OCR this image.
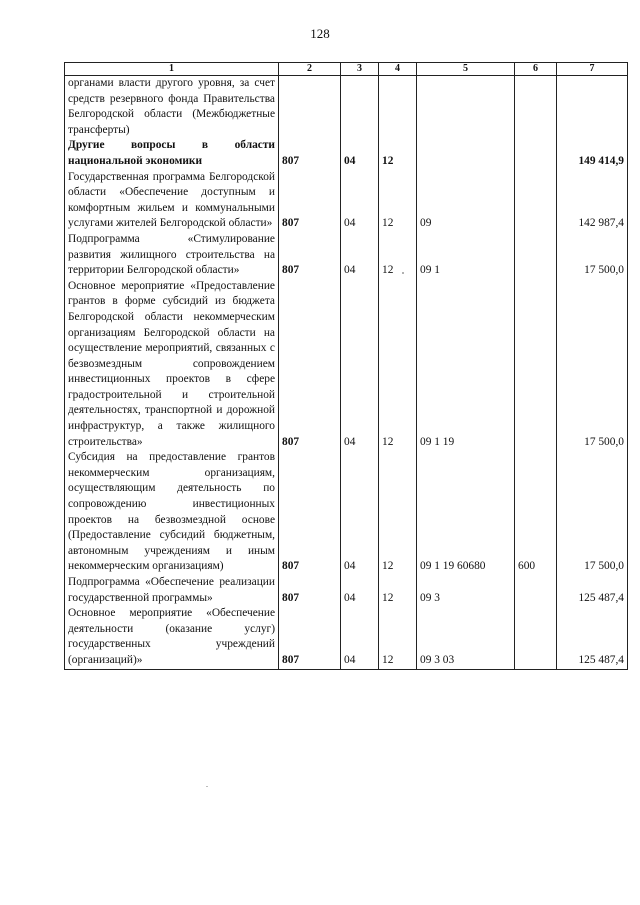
128
1	2	3	4	5	6	7
органами власти другого уровня, за счет средств резервного фонда Правительства Белгородской области (Межбюджетные трансферты)						
Другие вопросы в области национальной экономики	807	04	12			149 414,9
Государственная программа Белгородской области «Обеспечение доступным и комфортным жильем и коммунальными услугами жителей Белгородской области»	807	04	12	09		142 987,4
Подпрограмма «Стимулирование развития жилищного строительства на территории Белгородской области»	807	04	12	09 1		17 500,0
Основное мероприятие «Предоставление грантов в форме субсидий из бюджета Белгородской области некоммерческим организациям Белгородской области на осуществление мероприятий, связанных с безвозмездным сопровождением инвестиционных проектов в сфере градостроительной и строительной деятельностях, транспортной и дорожной инфраструктур, а также жилищного строительства»	807	04	12	09 1 19		17 500,0
Субсидия на предоставление грантов некоммерческим организациям, осуществляющим деятельность по сопровождению инвестиционных проектов на безвозмездной основе (Предоставление субсидий бюджетным, автономным учреждениям и иным некоммерческим организациям)	807	04	12	09 1 19 60680	600	17 500,0
Подпрограмма «Обеспечение реализации государственной программы»	807	04	12	09 3		125 487,4
Основное мероприятие «Обеспечение деятельности (оказание услуг) государственных учреждений (организаций)»	807	04	12	09 3 03		125 487,4
